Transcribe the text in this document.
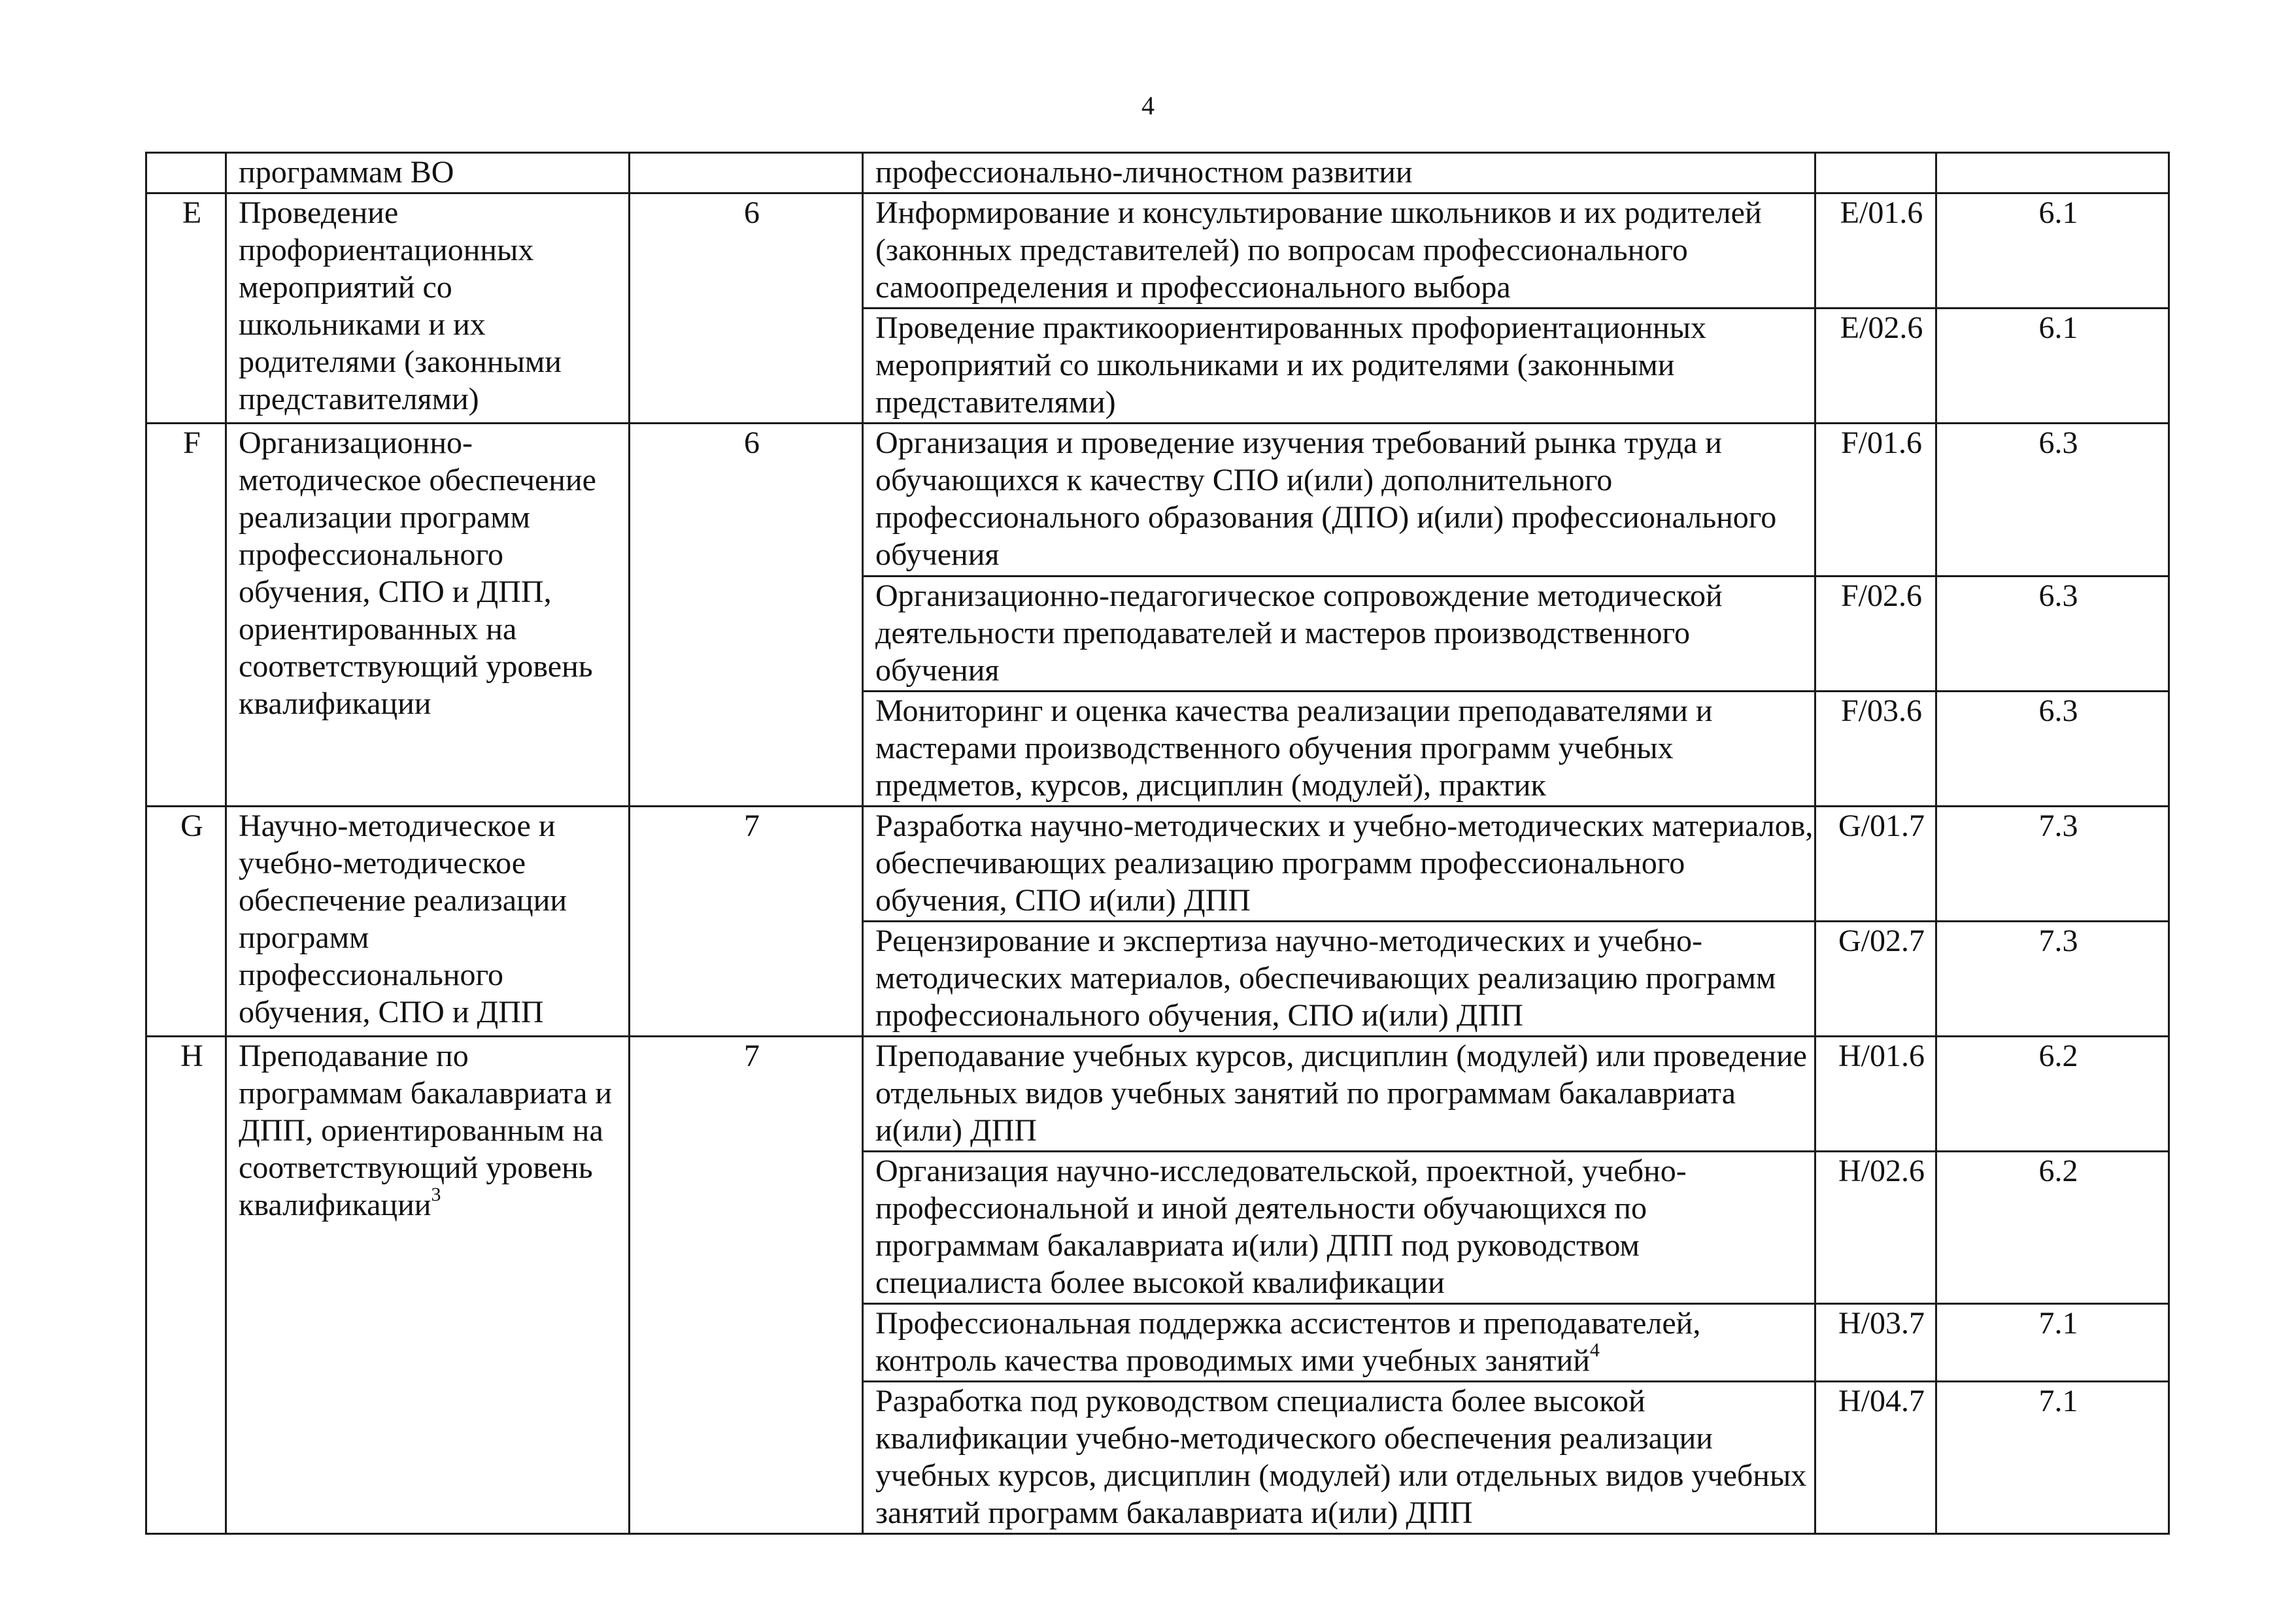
4
	программам ВО		профессионально-личностном развитии		
E	Проведение профориентационных мероприятий со школьниками и их родителями (законными представителями)	6	Информирование и консультирование школьников и их родителей (законных представителей) по вопросам профессионального самоопределения и профессионального выбора	E/01.6	6.1
			Проведение практикоориентированных профориентационных мероприятий со школьниками и их родителями (законными представителями)	E/02.6	6.1
F	Организационно-методическое обеспечение реализации программ профессионального обучения, СПО и ДПП, ориентированных на соответствующий уровень квалификации	6	Организация и проведение изучения требований рынка труда и обучающихся к качеству СПО и(или) дополнительного профессионального образования (ДПО) и(или) профессионального обучения	F/01.6	6.3
			Организационно-педагогическое сопровождение методической деятельности преподавателей и мастеров производственного обучения	F/02.6	6.3
			Мониторинг и оценка качества реализации преподавателями и мастерами производственного обучения программ учебных предметов, курсов, дисциплин (модулей), практик	F/03.6	6.3
G	Научно-методическое и учебно-методическое обеспечение реализации программ профессионального обучения, СПО и ДПП	7	Разработка научно-методических и учебно-методических материалов, обеспечивающих реализацию программ профессионального обучения, СПО и(или) ДПП	G/01.7	7.3
			Рецензирование и экспертиза научно-методических и учебно-методических материалов, обеспечивающих реализацию программ профессионального обучения, СПО и(или) ДПП	G/02.7	7.3
H	Преподавание по программам бакалавриата и ДПП, ориентированным на соответствующий уровень квалификации$^3$	7	Преподавание учебных курсов, дисциплин (модулей) или проведение отдельных видов учебных занятий по программам бакалавриата и(или) ДПП	H/01.6	6.2
			Организация научно-исследовательской, проектной, учебно-профессиональной и иной деятельности обучающихся по программам бакалавриата и(или) ДПП под руководством специалиста более высокой квалификации	H/02.6	6.2
			Профессиональная поддержка ассистентов и преподавателей, контроль качества проводимых ими учебных занятий$^4$	H/03.7	7.1
			Разработка под руководством специалиста более высокой квалификации учебно-методического обеспечения реализации учебных курсов, дисциплин (модулей) или отдельных видов учебных занятий программ бакалавриата и(или) ДПП	H/04.7	7.1
